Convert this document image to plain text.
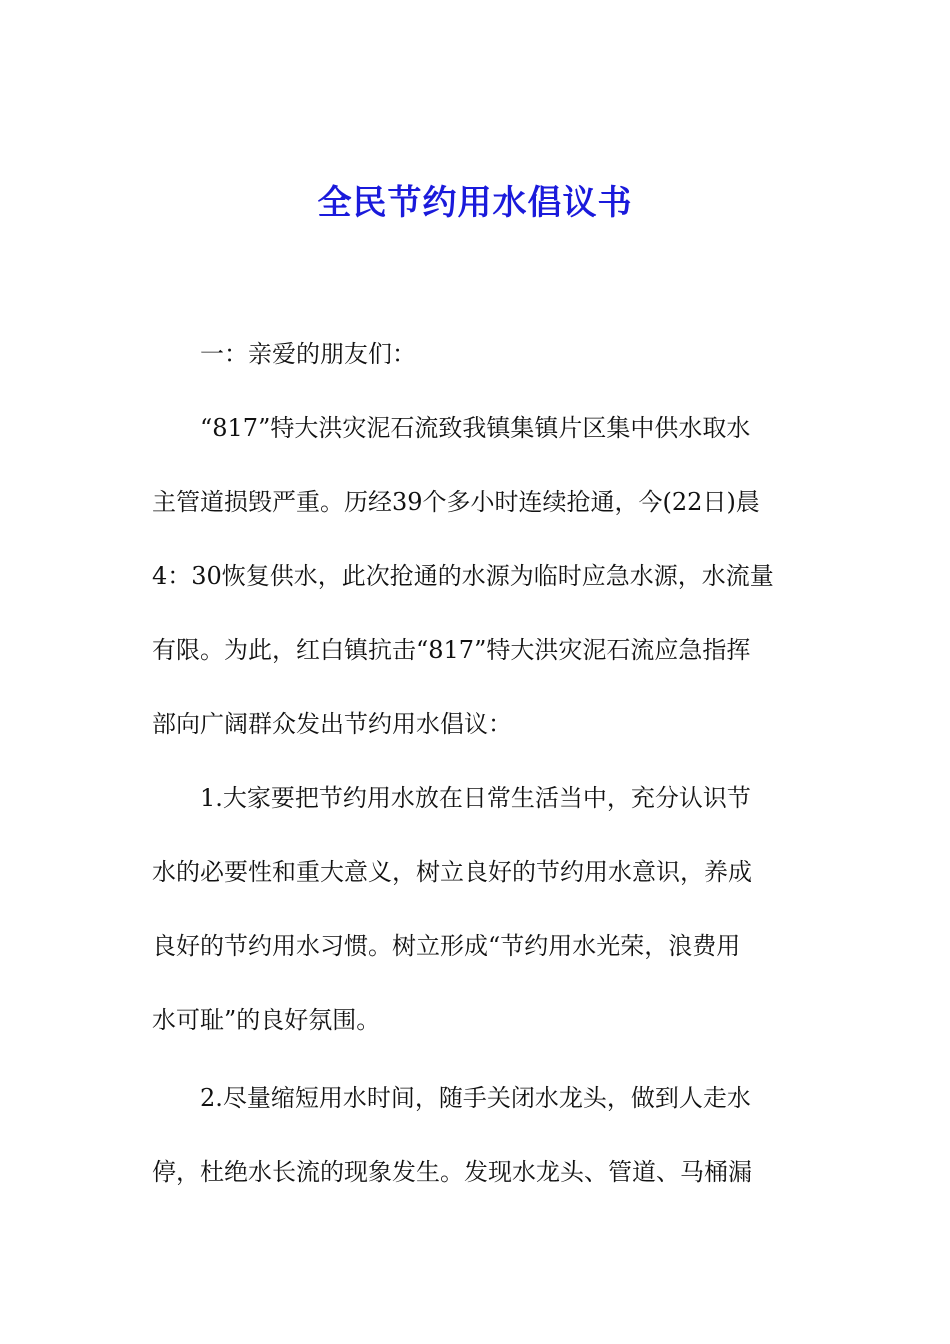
全民节约用水倡议书
一：亲爱的朋友们：
“817”特大洪灾泥石流致我镇集镇片区集中供水取水
主管道损毁严重。历经39个多小时连续抢通，今(22日)晨
4：30恢复供水，此次抢通的水源为临时应急水源，水流量
有限。为此，红白镇抗击“817”特大洪灾泥石流应急指挥
部向广阔群众发出节约用水倡议：
1.大家要把节约用水放在日常生活当中，充分认识节
水的必要性和重大意义，树立良好的节约用水意识，养成
良好的节约用水习惯。树立形成“节约用水光荣，浪费用
水可耻”的良好氛围。
2.尽量缩短用水时间，随手关闭水龙头，做到人走水
停，杜绝水长流的现象发生。发现水龙头、管道、马桶漏
